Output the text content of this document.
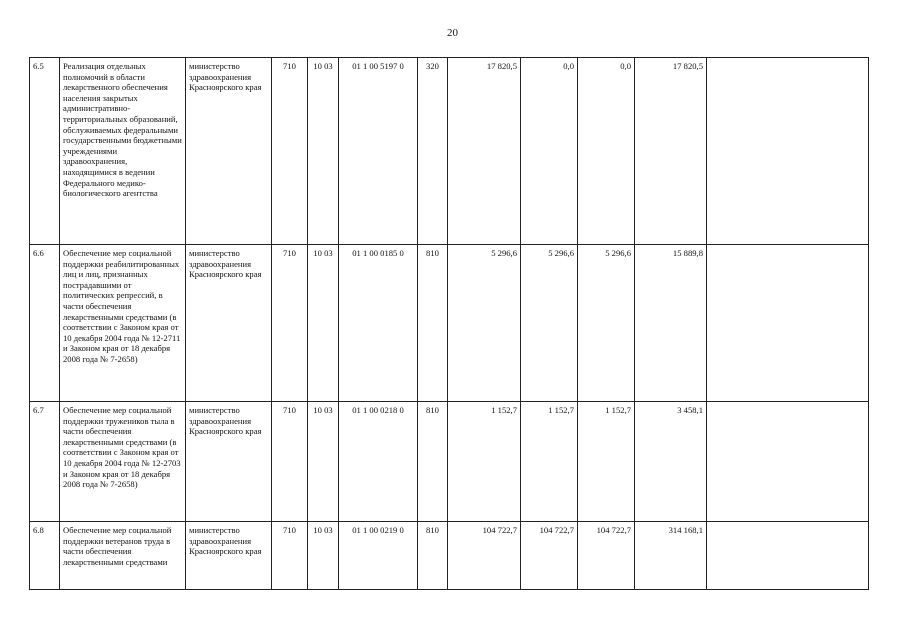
20
6.5	Реализация отдельных полномочий в области лекарственного обеспечения населения закрытых административно-территориальных образований, обслуживаемых федеральными государственными бюджетными учреждениями здравоохранения, находящимися в ведении Федерального медико-биологического агентства	министерство здравоохранения Красноярского края	710	10 03	01 1 00 5197 0	320	17 820,5	0,0	0,0	17 820,5	
6.6	Обеспечение мер социальной поддержки реабилитированных лиц и лиц, признанных пострадавшими от политических репрессий, в части обеспечения лекарственными средствами (в соответствии с Законом края от 10 декабря 2004 года № 12-2711 и Законом края от 18 декабря 2008 года № 7-2658)	министерство здравоохранения Красноярского края	710	10 03	01 1 00 0185 0	810	5 296,6	5 296,6	5 296,6	15 889,8	
6.7	Обеспечение мер социальной поддержки тружеников тыла в части обеспечения лекарственными средствами (в соответствии с Законом края от 10 декабря 2004 года № 12-2703 и Законом края от 18 декабря 2008 года № 7-2658)	министерство здравоохранения Красноярского края	710	10 03	01 1 00 0218 0	810	1 152,7	1 152,7	1 152,7	3 458,1	
6.8	Обеспечение мер социальной поддержки ветеранов труда в части обеспечения лекарственными средствами	министерство здравоохранения Красноярского края	710	10 03	01 1 00 0219 0	810	104 722,7	104 722,7	104 722,7	314 168,1	
